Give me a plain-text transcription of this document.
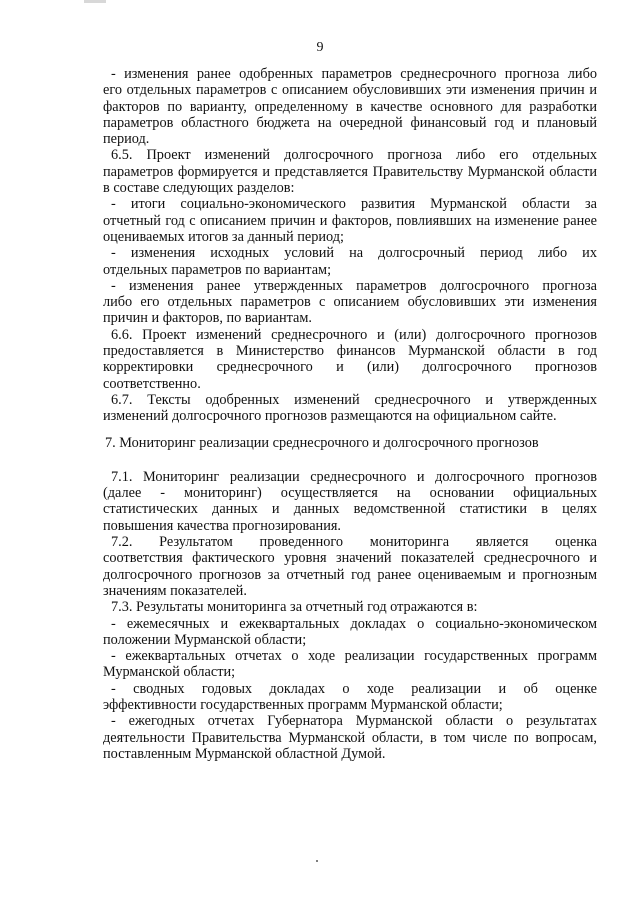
9
- изменения ранее одобренных параметров среднесрочного прогноза либо
его отдельных параметров с описанием обусловивших эти изменения причин и
факторов по варианту, определенному в качестве основного для разработки
параметров областного бюджета на очередной финансовый год и плановый
период.
6.5. Проект изменений долгосрочного прогноза либо его отдельных
параметров формируется и представляется Правительству Мурманской области
в составе следующих разделов:
- итоги социально-экономического развития Мурманской области за
отчетный год с описанием причин и факторов, повлиявших на изменение ранее
оцениваемых итогов за данный период;
- изменения исходных условий на долгосрочный период либо их
отдельных параметров по вариантам;
- изменения ранее утвержденных параметров долгосрочного прогноза
либо его отдельных параметров с описанием обусловивших эти изменения
причин и факторов, по вариантам.
6.6. Проект изменений среднесрочного и (или) долгосрочного прогнозов
предоставляется в Министерство финансов Мурманской области в год
корректировки среднесрочного и (или) долгосрочного прогнозов
соответственно.
6.7. Тексты одобренных изменений среднесрочного и утвержденных
изменений долгосрочного прогнозов размещаются на официальном сайте.
7. Мониторинг реализации среднесрочного и долгосрочного прогнозов
7.1. Мониторинг реализации среднесрочного и долгосрочного прогнозов
(далее - мониторинг) осуществляется на основании официальных
статистических данных и данных ведомственной статистики в целях
повышения качества прогнозирования.
7.2. Результатом проведенного мониторинга является оценка
соответствия фактического уровня значений показателей среднесрочного и
долгосрочного прогнозов за отчетный год ранее оцениваемым и прогнозным
значениям показателей.
7.3. Результаты мониторинга за отчетный год отражаются в:
- ежемесячных и ежеквартальных докладах о социально-экономическом
положении Мурманской области;
- ежеквартальных отчетах о ходе реализации государственных программ
Мурманской области;
- сводных годовых докладах о ходе реализации и об оценке
эффективности государственных программ Мурманской области;
- ежегодных отчетах Губернатора Мурманской области о результатах
деятельности Правительства Мурманской области, в том числе по вопросам,
поставленным Мурманской областной Думой.
